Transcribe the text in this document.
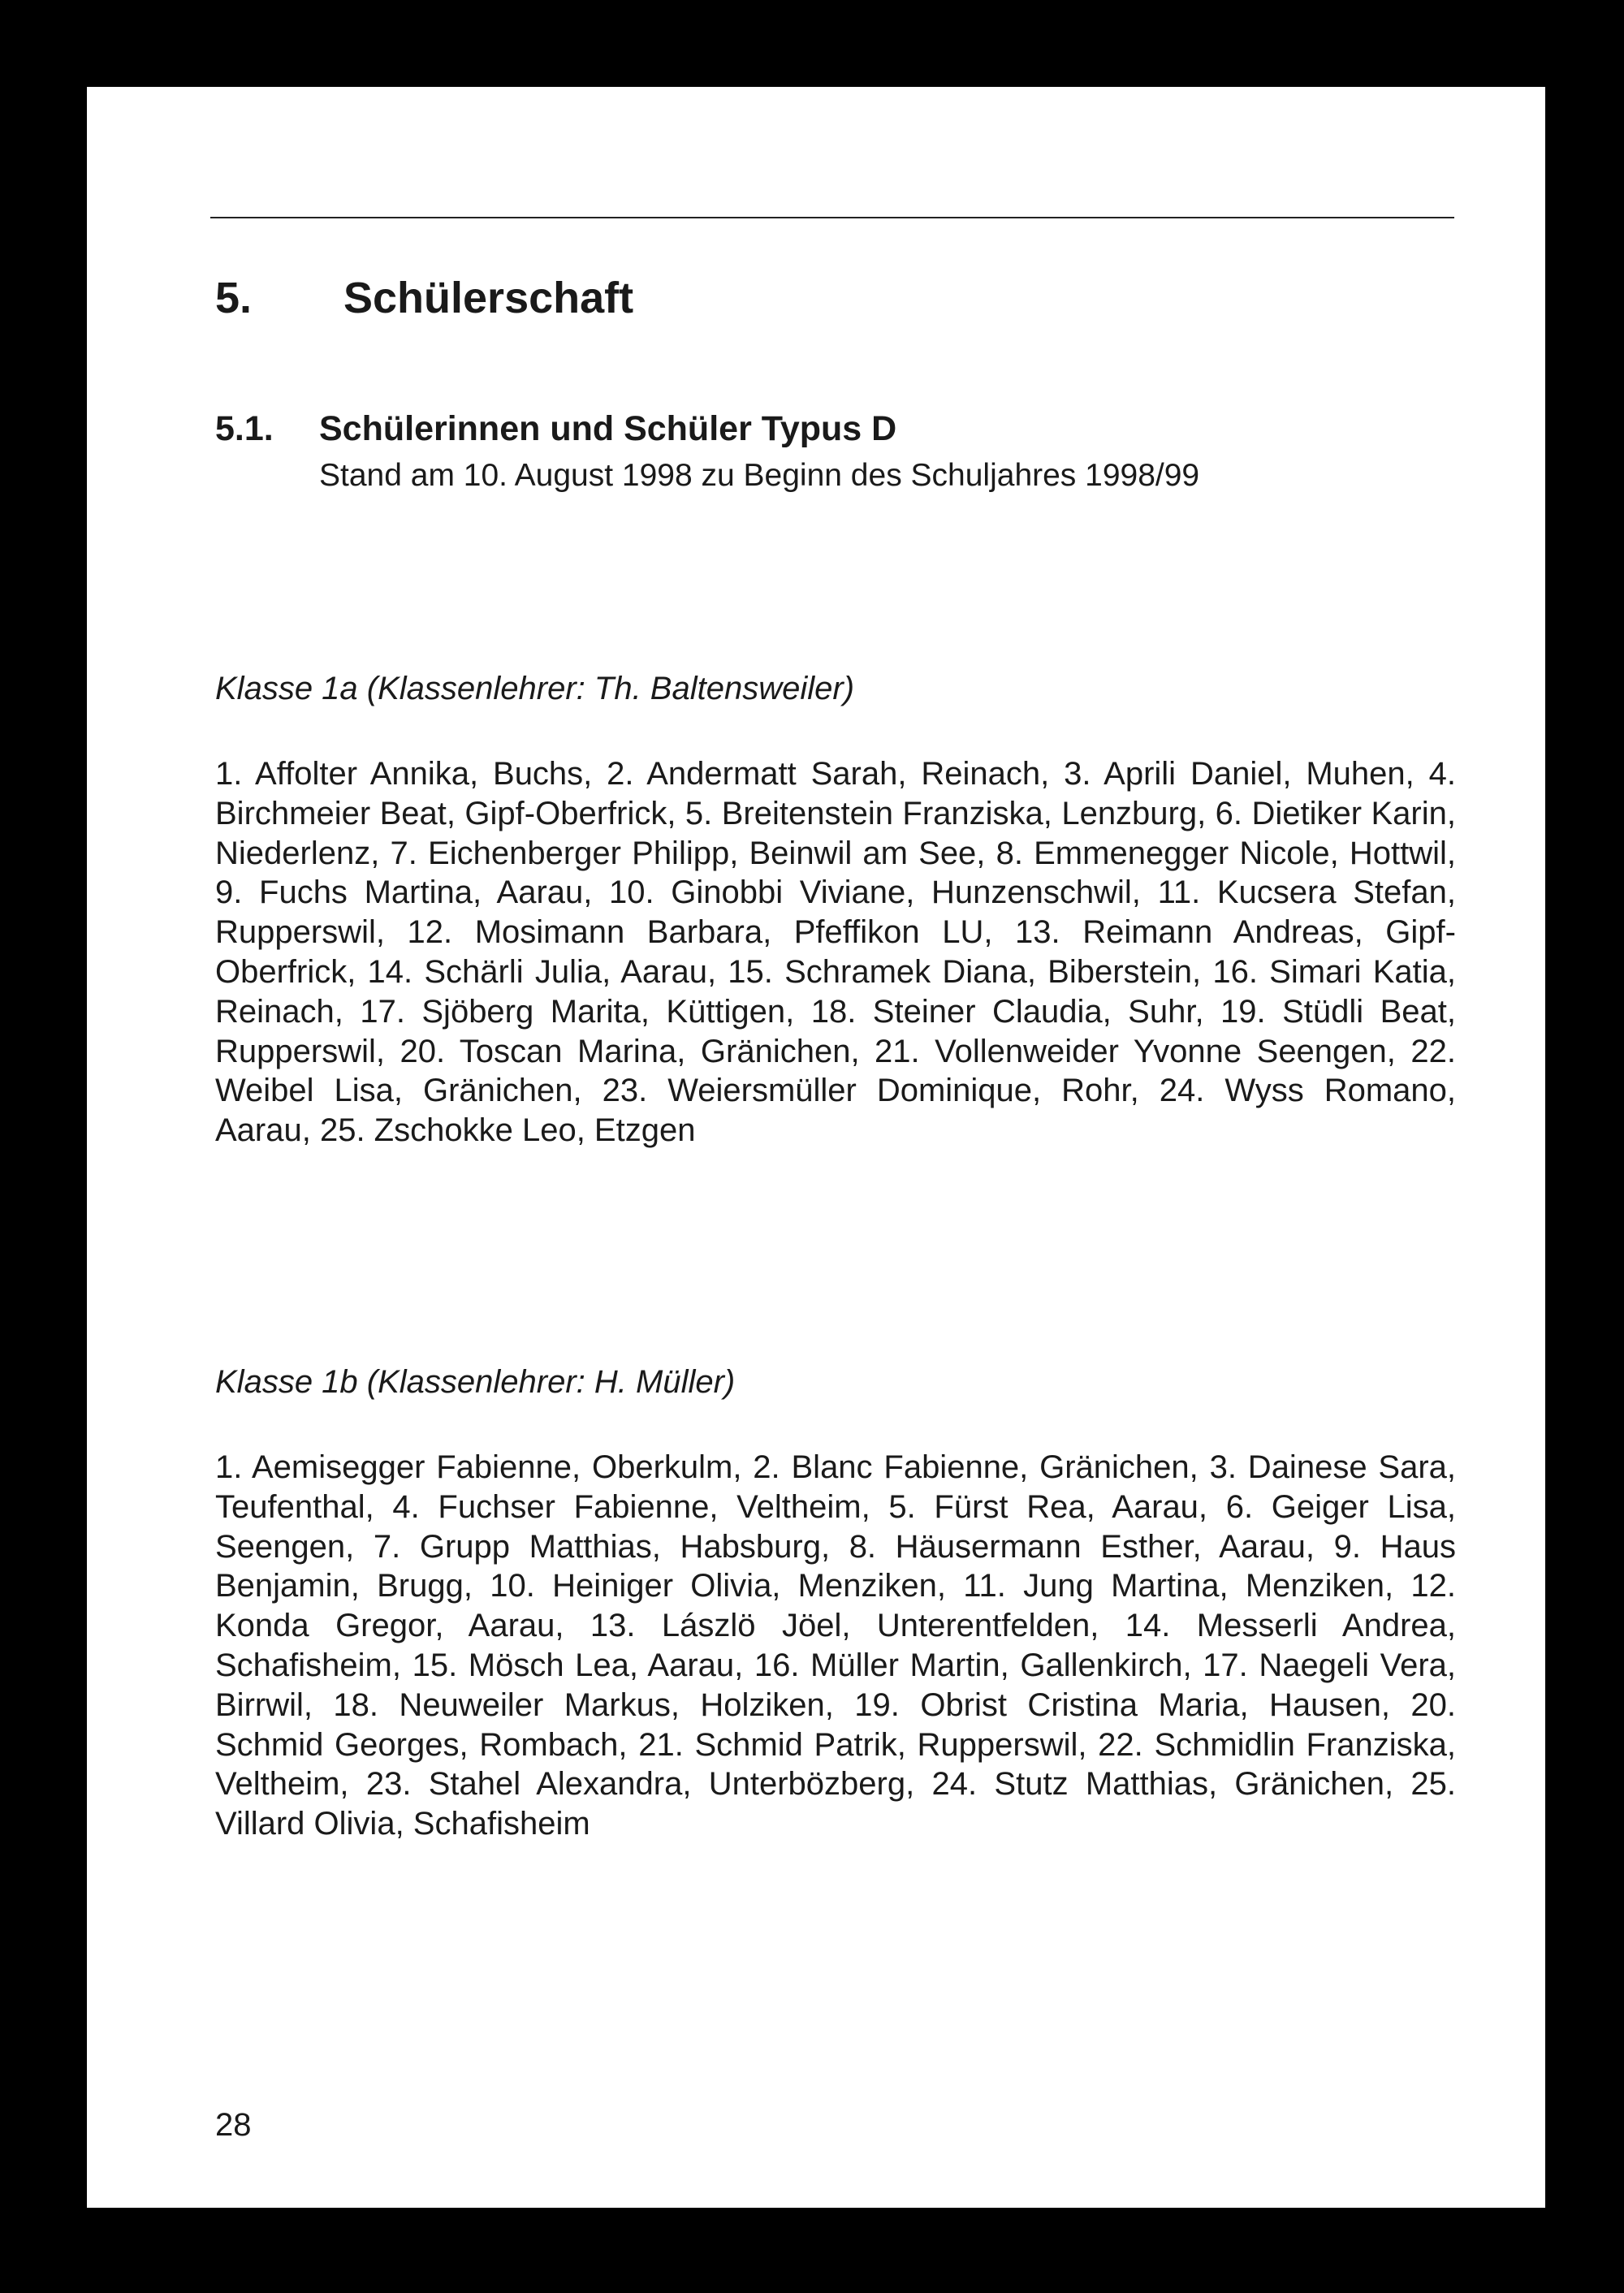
5. Schülerschaft
5.1. Schülerinnen und Schüler Typus D
Stand am 10. August 1998 zu Beginn des Schuljahres 1998/99
Klasse 1a (Klassenlehrer: Th. Baltensweiler)

1. Affolter Annika, Buchs, 2. Andermatt Sarah, Reinach, 3. Aprili Daniel, Muhen, 4. Birchmeier Beat, Gipf-Oberfrick, 5. Breitenstein Franziska, Lenzburg, 6. Dietiker Karin, Niederlenz, 7. Eichenberger Philipp, Beinwil am See, 8. Emmenegger Nicole, Hottwil, 9. Fuchs Martina, Aarau, 10. Ginobbi Viviane, Hunzenschwil, 11. Kucsera Stefan, Rupperswil, 12. Mosimann Barbara, Pfeffikon LU, 13. Reimann Andreas, Gipf-Oberfrick, 14. Schärli Julia, Aarau, 15. Schramek Diana, Biberstein, 16. Simari Katia, Reinach, 17. Sjöberg Marita, Küttigen, 18. Steiner Claudia, Suhr, 19. Stüdli Beat, Rupperswil, 20. Toscan Marina, Gränichen, 21. Vollenweider Yvonne Seengen, 22. Weibel Lisa, Gränichen, 23. Weiersmüller Dominique, Rohr, 24. Wyss Romano, Aarau, 25. Zschokke Leo, Etzgen

Klasse 1b (Klassenlehrer: H. Müller)

1. Aemisegger Fabienne, Oberkulm, 2. Blanc Fabienne, Gränichen, 3. Dainese Sara, Teufenthal, 4. Fuchser Fabienne, Veltheim, 5. Fürst Rea, Aarau, 6. Geiger Lisa, Seengen, 7. Grupp Matthias, Habsburg, 8. Häusermann Esther, Aarau, 9. Haus Benjamin, Brugg, 10. Heiniger Olivia, Menziken, 11. Jung Martina, Menziken, 12. Konda Gregor, Aarau, 13. Lászlö Jöel, Unterentfelden, 14. Messerli Andrea, Schafisheim, 15. Mösch Lea, Aarau, 16. Müller Martin, Gallenkirch, 17. Naegeli Vera, Birrwil, 18. Neuweiler Markus, Holziken, 19. Obrist Cristina Maria, Hausen, 20. Schmid Georges, Rombach, 21. Schmid Patrik, Rupperswil, 22. Schmidlin Franziska, Veltheim, 23. Stahel Alexandra, Unterbözberg, 24. Stutz Matthias, Gränichen, 25. Villard Olivia, Schafisheim

28
